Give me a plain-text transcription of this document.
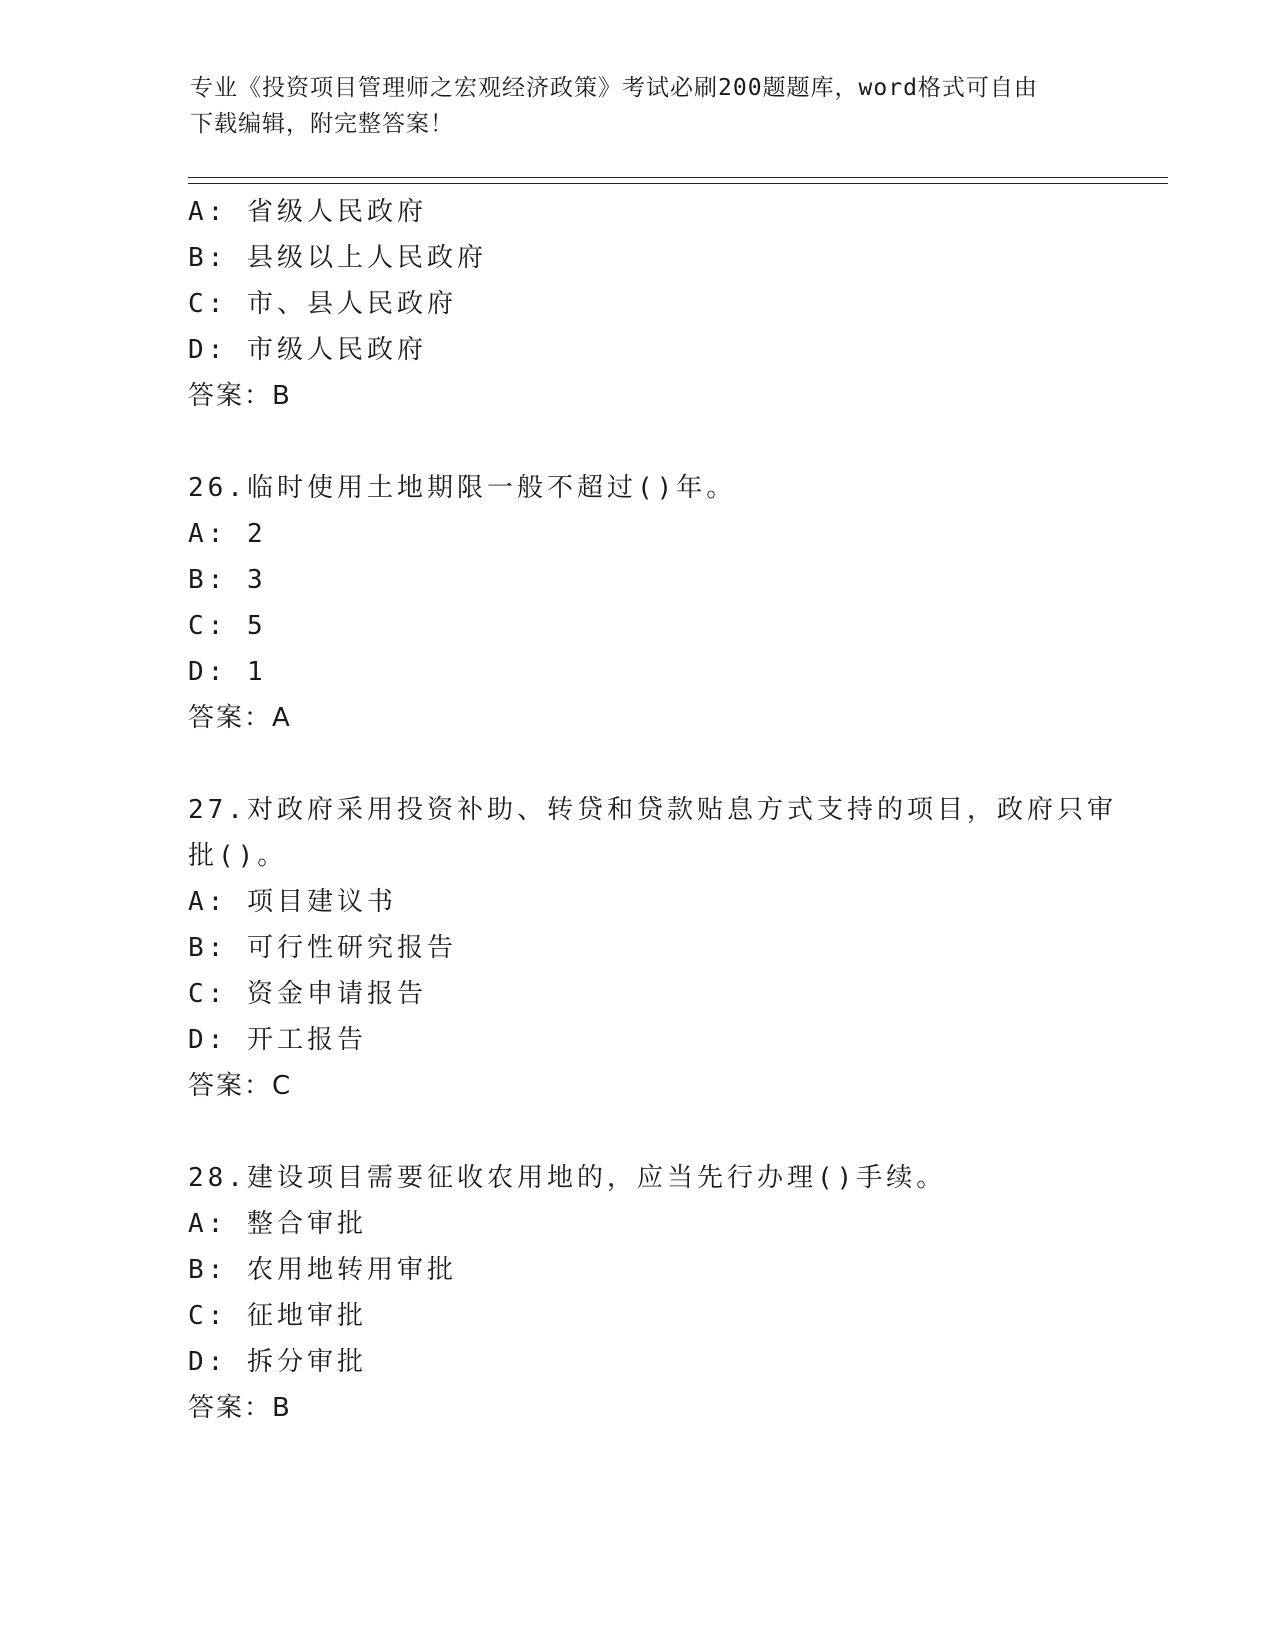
专业《投资项目管理师之宏观经济政策》考试必刷200题题库，word格式可自由
下载编辑，附完整答案！
A: 省级人民政府
B: 县级以上人民政府
C: 市、县人民政府
D: 市级人民政府
答案：B
26.临时使用土地期限一般不超过()年。
A: 2
B: 3
C: 5
D: 1
答案：A
27.对政府采用投资补助、转贷和贷款贴息方式支持的项目，政府只审
批()。
A: 项目建议书
B: 可行性研究报告
C: 资金申请报告
D: 开工报告
答案：C
28.建设项目需要征收农用地的，应当先行办理()手续。
A: 整合审批
B: 农用地转用审批
C: 征地审批
D: 拆分审批
答案：B
